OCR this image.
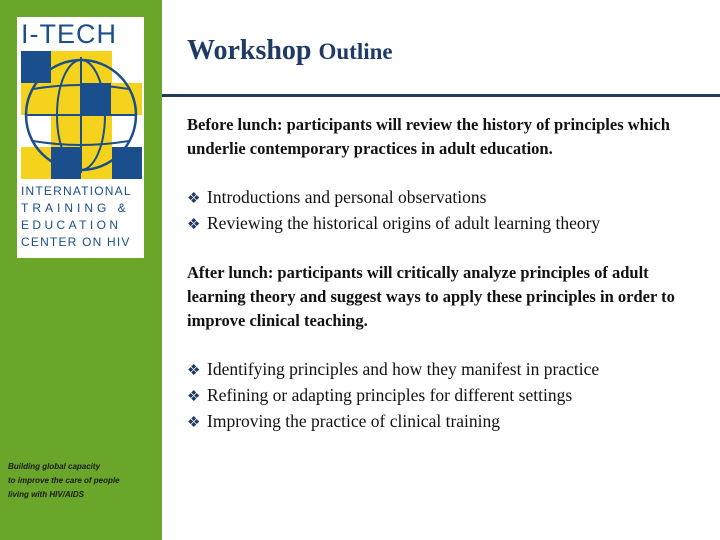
I-TECH
INTERNATIONAL
TRAINING &
EDUCATION
CENTER ON HIV
Building global capacity
to improve the care of people
living with HIV/AIDS
Workshop Outline

Before lunch: participants will review the history of principles which underlie contemporary practices in adult education.

❖ Introductions and personal observations
❖ Reviewing the historical origins of adult learning theory

After lunch: participants will critically analyze principles of adult learning theory and suggest ways to apply these principles in order to improve clinical teaching.

❖ Identifying principles and how they manifest in practice
❖ Refining or adapting principles for different settings
❖ Improving the practice of clinical training
